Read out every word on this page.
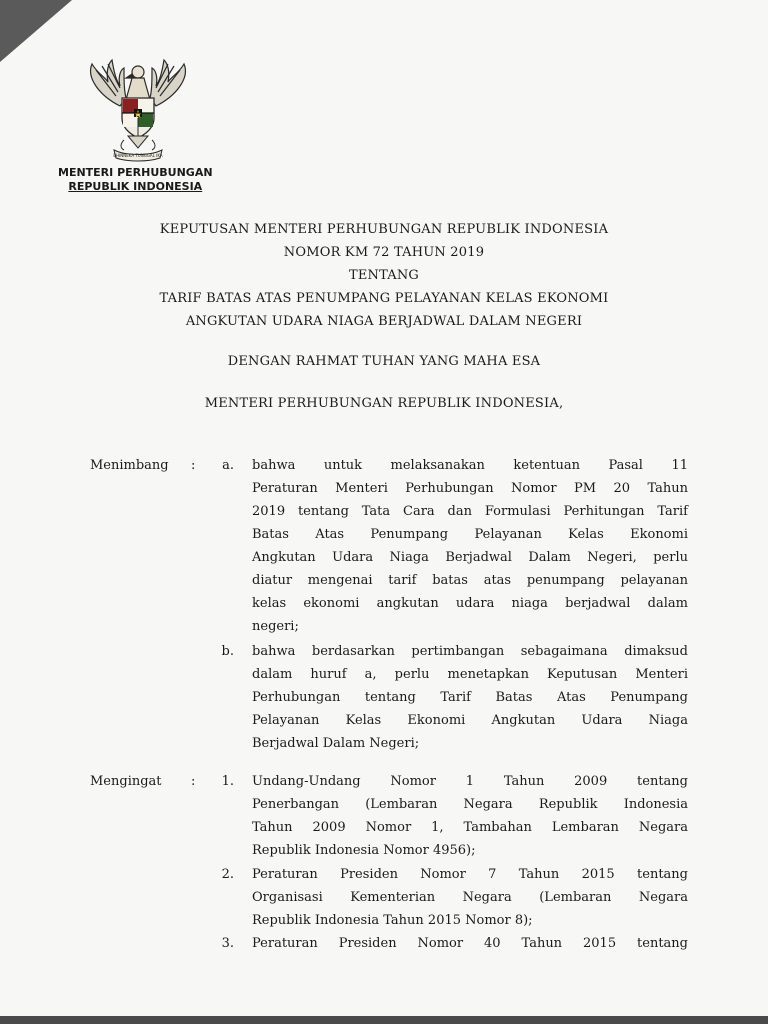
BHINNEKA TUNGGAL IKA
MENTERI PERHUBUNGAN
REPUBLIK INDONESIA
KEPUTUSAN MENTERI PERHUBUNGAN REPUBLIK INDONESIA
NOMOR KM 72 TAHUN 2019
TENTANG
TARIF BATAS ATAS PENUMPANG PELAYANAN KELAS EKONOMI
ANGKUTAN UDARA NIAGA BERJADWAL DALAM NEGERI
DENGAN RAHMAT TUHAN YANG MAHA ESA
MENTERI PERHUBUNGAN REPUBLIK INDONESIA,
Menimbang :	a. bahwa untuk melaksanakan ketentuan Pasal 11
Peraturan Menteri Perhubungan Nomor PM 20 Tahun
2019 tentang Tata Cara dan Formulasi Perhitungan Tarif
Batas Atas Penumpang Pelayanan Kelas Ekonomi
Angkutan Udara Niaga Berjadwal Dalam Negeri, perlu
diatur mengenai tarif batas atas penumpang pelayanan
kelas ekonomi angkutan udara niaga berjadwal dalam
negeri;
b. bahwa berdasarkan pertimbangan sebagaimana dimaksud
dalam huruf a, perlu menetapkan Keputusan Menteri
Perhubungan tentang Tarif Batas Atas Penumpang
Pelayanan Kelas Ekonomi Angkutan Udara Niaga
Berjadwal Dalam Negeri;
Mengingat :	1. Undang-Undang Nomor 1 Tahun 2009 tentang
Penerbangan (Lembaran Negara Republik Indonesia
Tahun 2009 Nomor 1, Tambahan Lembaran Negara
Republik Indonesia Nomor 4956);
2. Peraturan Presiden Nomor 7 Tahun 2015 tentang
Organisasi Kementerian Negara (Lembaran Negara
Republik Indonesia Tahun 2015 Nomor 8);
3. Peraturan Presiden Nomor 40 Tahun 2015 tentang
